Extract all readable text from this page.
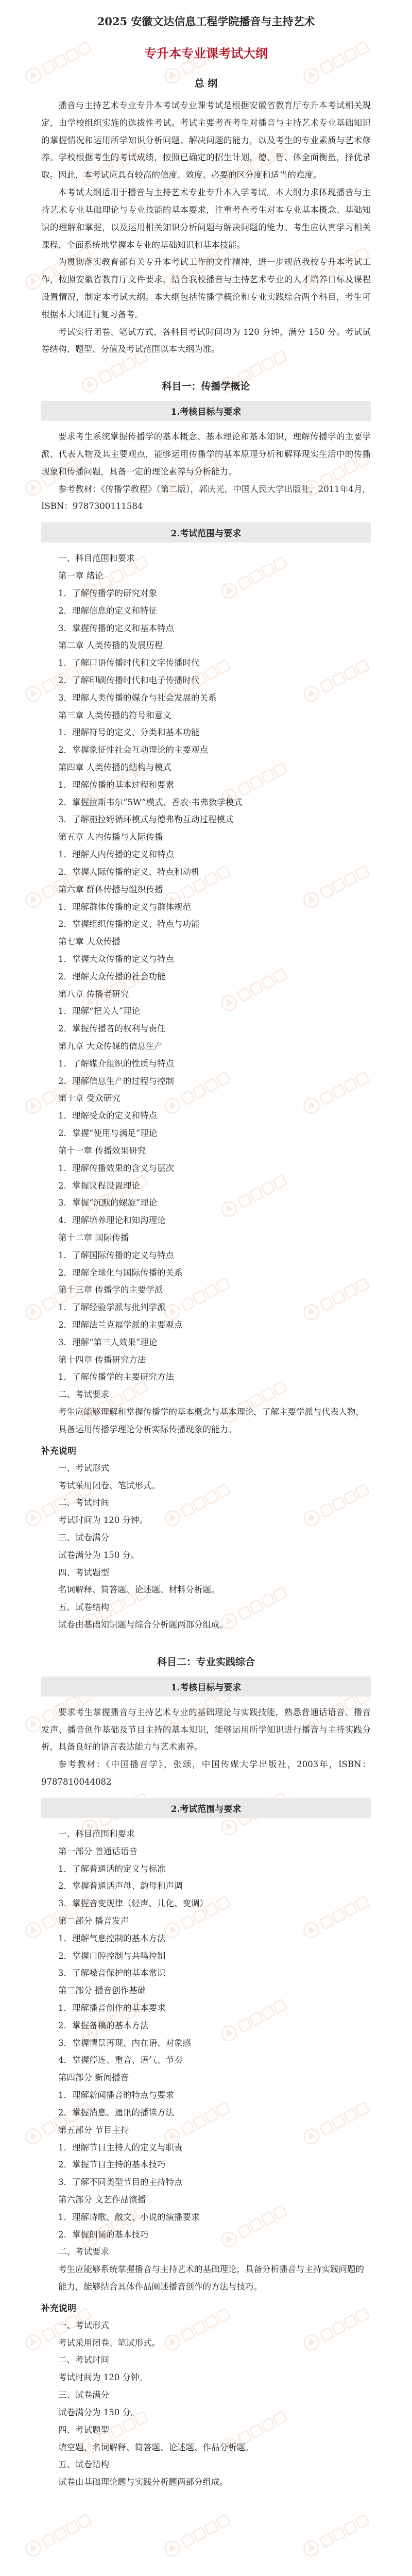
2025 安徽文达信息工程学院播音与主持艺术
专升本专业课考试大纲
总 纲

播音与主持艺术专业专升本考试专业课考试是根据安徽省教育厅专升本考试相关规定，由学校组织实施的选拔性考试。考试主要考查考生对播音与主持艺术专业基础知识的掌握情况和运用所学知识分析问题、解决问题的能力，以及考生的专业素质与艺术修养。学校根据考生的考试成绩，按照已确定的招生计划，德、智、体全面衡量，择优录取。因此，本考试应具有较高的信度、效度、必要的区分度和适当的难度。

本考试大纲适用于播音与主持艺术专业专升本入学考试。本大纲力求体现播音与主持艺术专业基础理论与专业技能的基本要求，注重考查考生对本专业基本概念、基础知识的理解和掌握，以及运用相关知识分析问题与解决问题的能力。考生应认真学习相关课程，全面系统地掌握本专业的基础知识和基本技能。

为贯彻落实教育部有关专升本考试工作的文件精神，进一步规范我校专升本考试工作，按照安徽省教育厅文件要求，结合我校播音与主持艺术专业的人才培养目标及课程设置情况，制定本考试大纲。本大纲包括传播学概论和专业实践综合两个科目，考生可根据本大纲进行复习备考。

考试实行闭卷、笔试方式，各科目考试时间均为 120 分钟，满分 150 分。考试试卷结构、题型、分值及考试范围以本大纲为准。

科目一：传播学概论
1.考核目标与要求

要求考生系统掌握传播学的基本概念、基本理论和基本知识，理解传播学的主要学派、代表人物及其主要观点，能够运用传播学的基本原理分析和解释现实生活中的传播现象和传播问题，具备一定的理论素养与分析能力。

参考教材：《传播学教程》（第二版），郭庆光，中国人民大学出版社，2011年4月，ISBN：9787300111584

2.考试范围与要求

一、科目范围和要求

第一章 绪论

1．了解传播学的研究对象

2．理解信息的定义和特征

3．掌握传播的定义和基本特点

第二章 人类传播的发展历程

1．了解口语传播时代和文字传播时代

2．了解印刷传播时代和电子传播时代

3．理解人类传播的媒介与社会发展的关系

第三章 人类传播的符号和意义

1．理解符号的定义、分类和基本功能

2．掌握象征性社会互动理论的主要观点

第四章 人类传播的结构与模式

1．理解传播的基本过程和要素

2．掌握拉斯韦尔“5W”模式、香农-韦弗数学模式

3．了解施拉姆循环模式与德弗勒互动过程模式

第五章 人内传播与人际传播

1．理解人内传播的定义和特点

2．掌握人际传播的定义、特点和动机

第六章 群体传播与组织传播

1．理解群体传播的定义与群体规范

2．掌握组织传播的定义、特点与功能

第七章 大众传播

1．掌握大众传播的定义与特点

2．理解大众传播的社会功能

第八章 传播者研究

1．理解“把关人”理论

2．掌握传播者的权利与责任

第九章 大众传媒的信息生产

1．了解媒介组织的性质与特点

2．理解信息生产的过程与控制

第十章 受众研究

1．理解受众的定义和特点

2．掌握“使用与满足”理论

第十一章 传播效果研究

1．理解传播效果的含义与层次

2．掌握议程设置理论

3．掌握“沉默的螺旋”理论

4．理解培养理论和知沟理论

第十二章 国际传播

1．了解国际传播的定义与特点

2．理解全球化与国际传播的关系

第十三章 传播学的主要学派

1．了解经验学派与批判学派

2．理解法兰克福学派的主要观点

3．理解“第三人效果”理论

第十四章 传播研究方法

1．了解传播学的主要研究方法

二、考试要求

考生应能够理解和掌握传播学的基本概念与基本理论，了解主要学派与代表人物，具备运用传播学理论分析实际传播现象的能力。

补充说明

一、考试形式

考试采用闭卷、笔试形式。

二、考试时间

考试时间为 120 分钟。

三、试卷满分

试卷满分为 150 分。

四、考试题型

名词解释、简答题、论述题、材料分析题。

五、试卷结构

试卷由基础知识题与综合分析题两部分组成。

科目二：专业实践综合
1.考核目标与要求

要求考生掌握播音与主持艺术专业的基础理论与实践技能，熟悉普通话语音、播音发声、播音创作基础及节目主持的基本知识，能够运用所学知识进行播音与主持实践分析，具备良好的语言表达能力与艺术素养。

参考教材：《中国播音学》，张颂，中国传媒大学出版社，2003年，ISBN：9787810044082

2.考试范围与要求

一、科目范围和要求

第一部分 普通话语音

1．了解普通话的定义与标准

2．掌握普通话声母、韵母和声调

3．掌握音变规律（轻声、儿化、变调）

第二部分 播音发声

1．理解气息控制的基本方法

2．掌握口腔控制与共鸣控制

3．了解嗓音保护的基本常识

第三部分 播音创作基础

1．理解播音创作的基本要求

2．掌握备稿的基本方法

3．掌握情景再现、内在语、对象感

4．掌握停连、重音、语气、节奏

第四部分 新闻播音

1．理解新闻播音的特点与要求

2．掌握消息、通讯的播读方法

第五部分 节目主持

1．理解节目主持人的定义与职责

2．掌握节目主持的基本技巧

3．了解不同类型节目的主持特点

第六部分 文艺作品演播

1．理解诗歌、散文、小说的演播要求

2．掌握朗诵的基本技巧

二、考试要求

考生应能够系统掌握播音与主持艺术的基础理论，具备分析播音与主持实践问题的能力，能够结合具体作品阐述播音创作的方法与技巧。

补充说明

一、考试形式

考试采用闭卷、笔试形式。

二、考试时间

考试时间为 120 分钟。

三、试卷满分

试卷满分为 150 分。

四、考试题型

填空题、名词解释、简答题、论述题、作品分析题。

五、试卷结构

试卷由基础理论题与实践分析题两部分组成。
